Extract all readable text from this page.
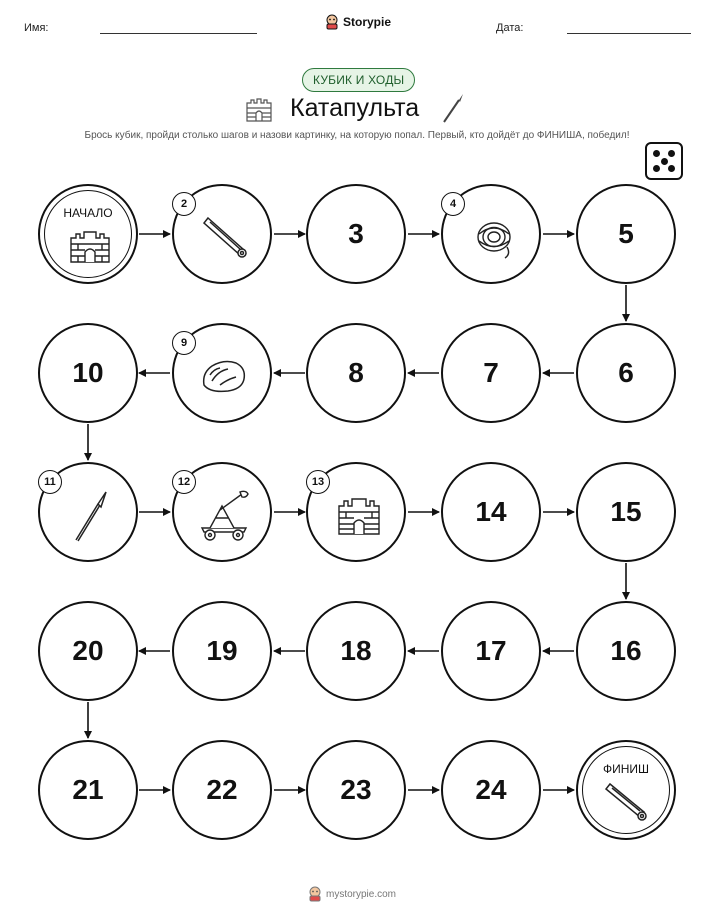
Имя:	Storypie	Дата:
КУБИК И ХОДЫ
Катапульта
Брось кубик, пройди столько шагов и назови картинку, на которую попал. Первый, кто дойдёт до ФИНИША, победил!
НАЧАЛО
2
3
4
5
6
7
8
9
10
11	12	13
14	15
16
17
18
19
20
21	22	23	24
ФИНИШ
mystorypie.com
